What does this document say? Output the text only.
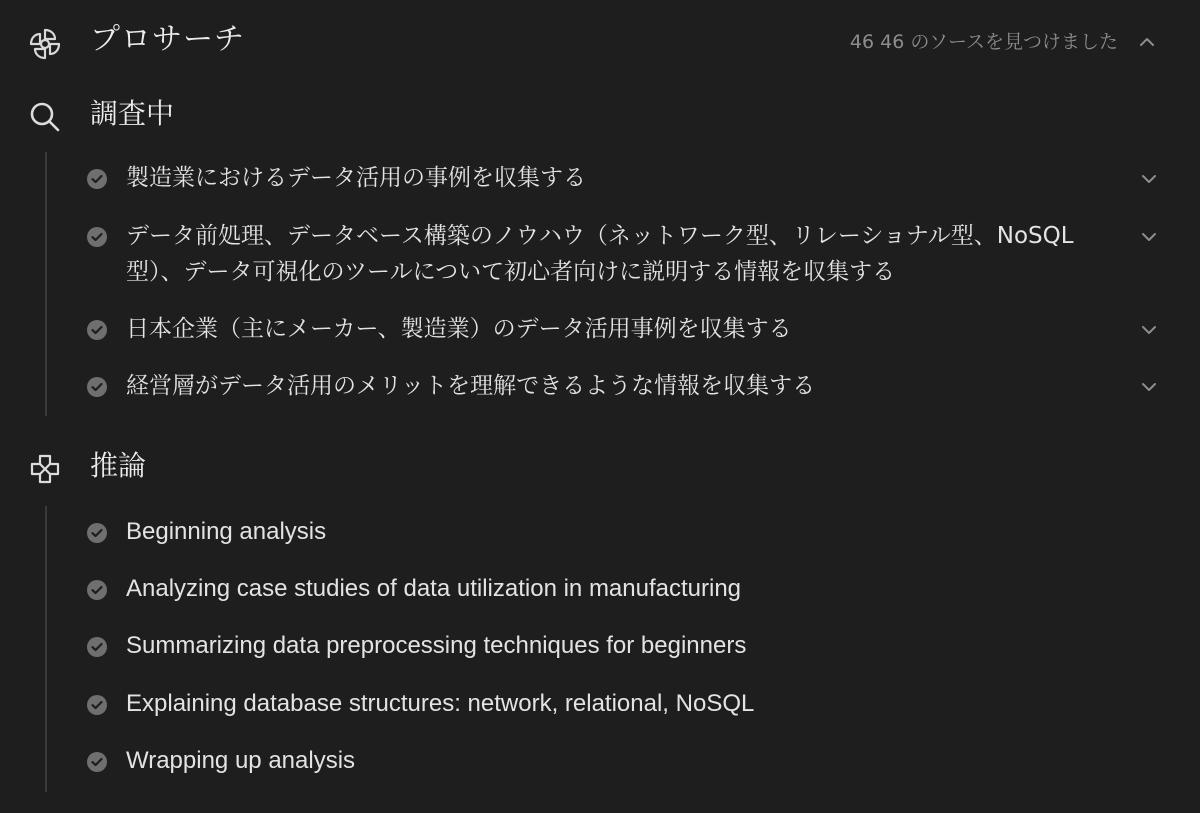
プロサーチ	46 46 のソースを見つけました
調査中
製造業におけるデータ活用の事例を収集する
データ前処理、データベース構築のノウハウ（ネットワーク型、リレーショナル型、NoSQL型）、データ可視化のツールについて初心者向けに説明する情報を収集する
日本企業（主にメーカー、製造業）のデータ活用事例を収集する
経営層がデータ活用のメリットを理解できるような情報を収集する
推論
Beginning analysis
Analyzing case studies of data utilization in manufacturing
Summarizing data preprocessing techniques for beginners
Explaining database structures: network, relational, NoSQL
Wrapping up analysis
